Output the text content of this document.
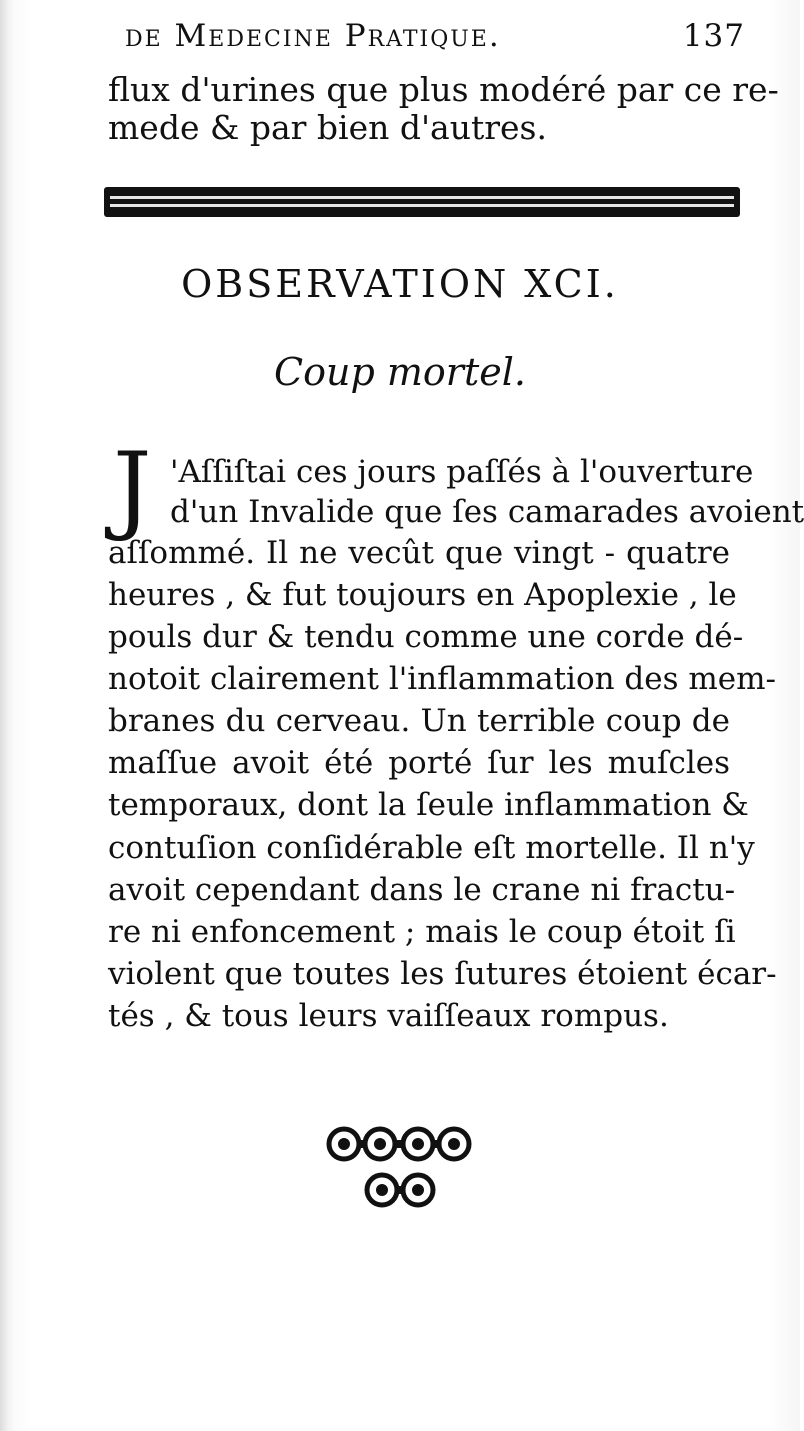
de Medecine Pratique.	137
flux d'urines que plus modéré par ce re-
mede & par bien d'autres.
OBSERVATION XCI.
Coup mortel.
J 'Aſſiſtai ces jours paſſés à l'ouverture
d'un Invalide que ſes camarades avoient
aſſommé. Il ne vecût que vingt - quatre
heures , & fut toujours en Apoplexie , le
pouls dur & tendu comme une corde dé-
notoit clairement l'inflammation des mem-
branes du cerveau. Un terrible coup de
maſſue avoit été porté ſur les muſcles
temporaux, dont la ſeule inflammation &
contuſion conſidérable eſt mortelle. Il n'y
avoit cependant dans le crane ni fractu-
re ni enfoncement ; mais le coup étoit ſi
violent que toutes les ſutures étoient écar-
tés , & tous leurs vaiſſeaux rompus.
